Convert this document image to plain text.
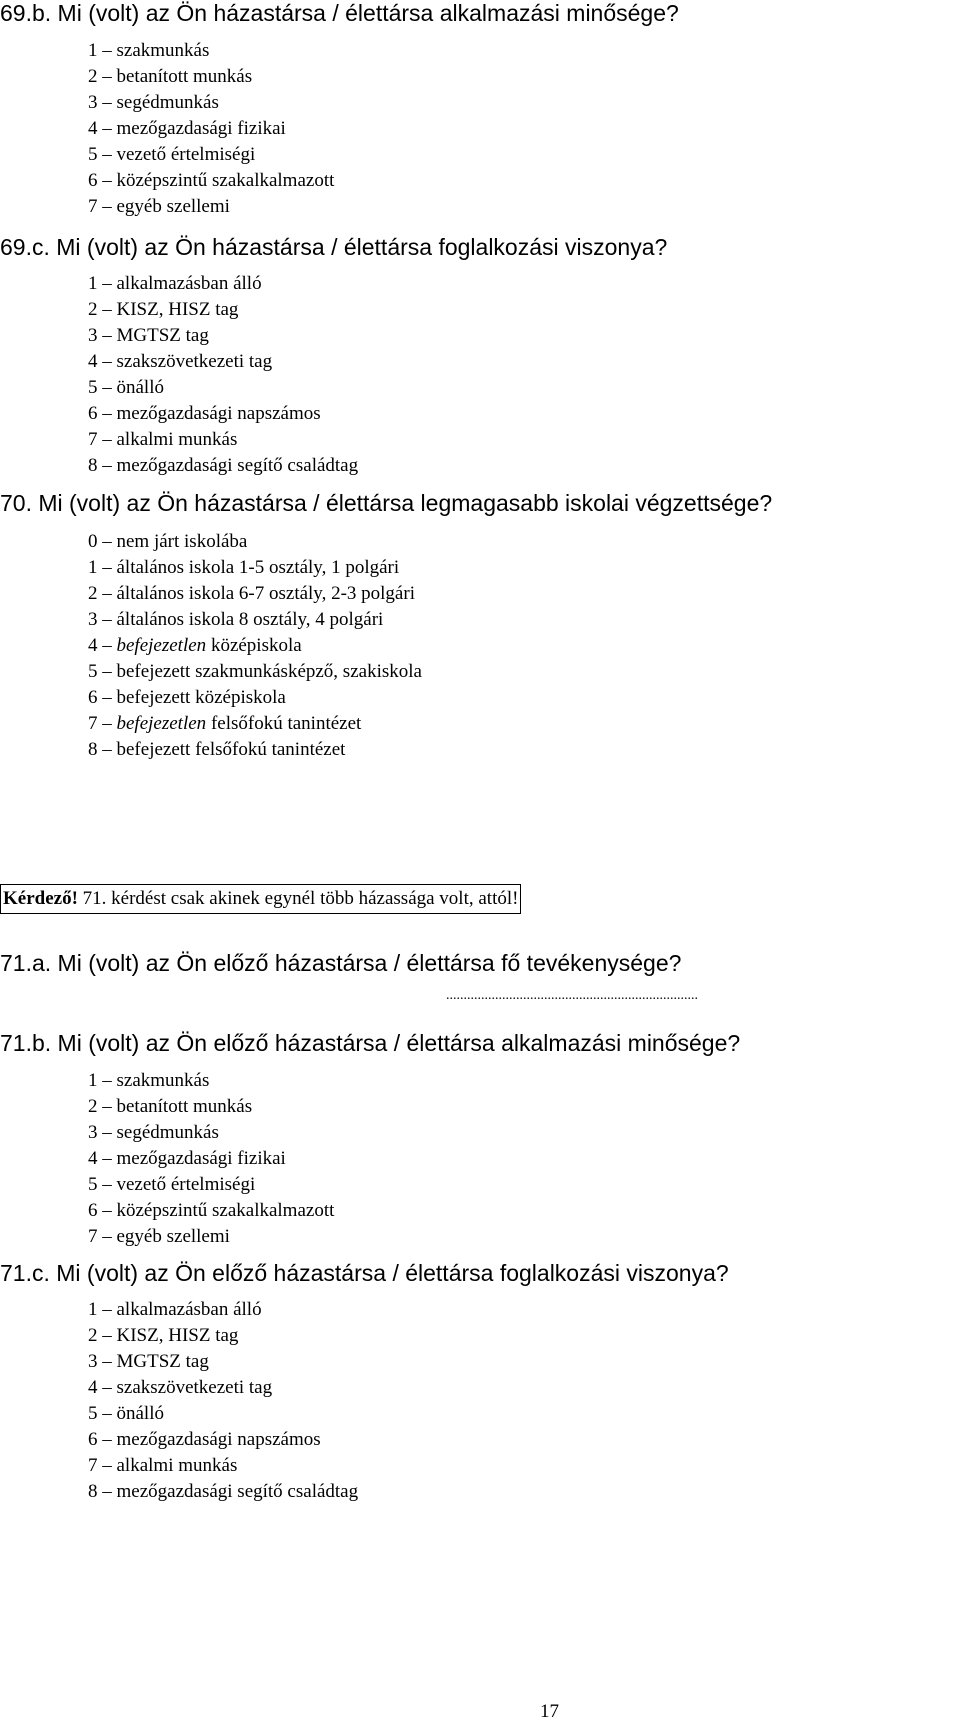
69.b. Mi (volt) az Ön házastársa / élettársa alkalmazási minősége?
1 – szakmunkás
2 – betanított munkás
3 – segédmunkás
4 – mezőgazdasági fizikai
5 – vezető értelmiségi
6 – középszintű szakalkalmazott
7 – egyéb szellemi
69.c. Mi (volt) az Ön házastársa / élettársa foglalkozási viszonya?
1 – alkalmazásban álló
2 – KISZ, HISZ tag
3 – MGTSZ tag
4 – szakszövetkezeti tag
5 – önálló
6 – mezőgazdasági napszámos
7 – alkalmi munkás
8 – mezőgazdasági segítő családtag
70. Mi (volt) az Ön házastársa / élettársa legmagasabb iskolai végzettsége?
0 – nem járt iskolába
1 – általános iskola 1-5 osztály, 1 polgári
2 – általános iskola 6-7 osztály, 2-3 polgári
3 – általános iskola 8 osztály, 4 polgári
4 – befejezetlen középiskola
5 – befejezett szakmunkásképző, szakiskola
6 – befejezett középiskola
7 – befejezetlen felsőfokú tanintézet
8 – befejezett felsőfokú tanintézet
Kérdező! 71. kérdést csak akinek egynél több házassága volt, attól!
71.a. Mi (volt) az Ön előző házastársa / élettársa fő tevékenysége?
........................................................................
71.b. Mi (volt) az Ön előző házastársa / élettársa alkalmazási minősége?
1 – szakmunkás
2 – betanított munkás
3 – segédmunkás
4 – mezőgazdasági fizikai
5 – vezető értelmiségi
6 – középszintű szakalkalmazott
7 – egyéb szellemi
71.c. Mi (volt) az Ön előző házastársa / élettársa foglalkozási viszonya?
1 – alkalmazásban álló
2 – KISZ, HISZ tag
3 – MGTSZ tag
4 – szakszövetkezeti tag
5 – önálló
6 – mezőgazdasági napszámos
7 – alkalmi munkás
8 – mezőgazdasági segítő családtag
17
